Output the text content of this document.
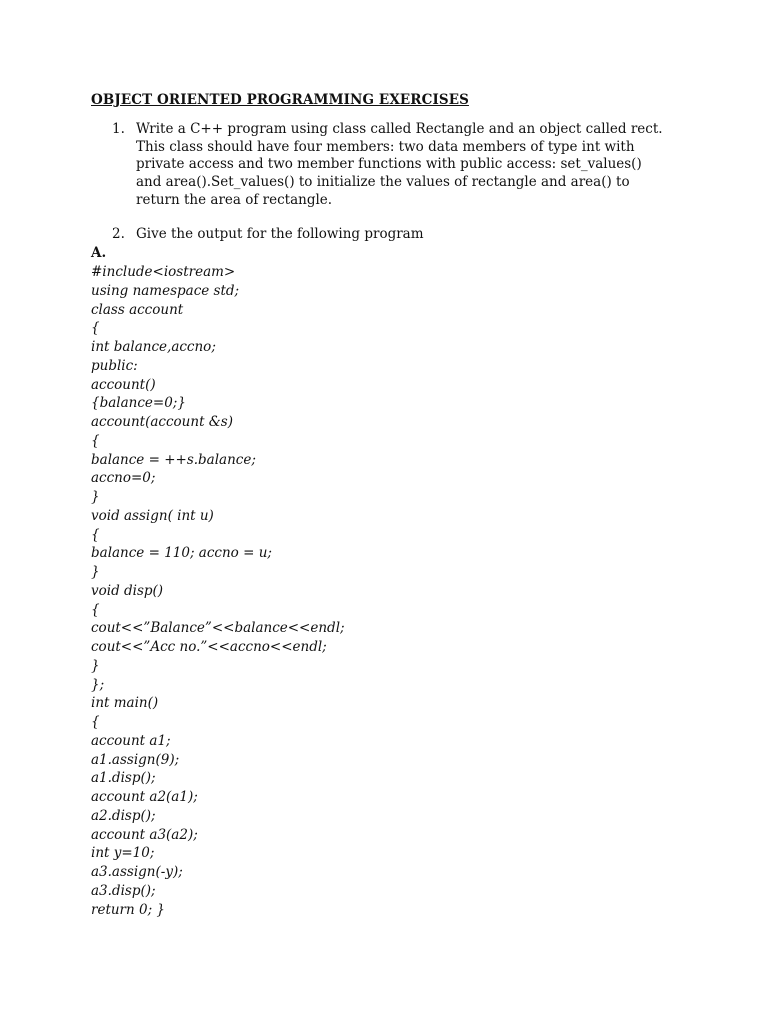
OBJECT ORIENTED PROGRAMMING EXERCISES
1. Write a C++ program using class called Rectangle and an object called rect.
This class should have four members: two data members of type int with
private access and two member functions with public access: set_values()
and area().Set_values() to initialize the values of rectangle and area() to
return the area of rectangle.
2. Give the output for the following program
A.
#include<iostream>
using namespace std;
class account
{
int balance,accno;
public:
account()
{balance=0;}
account(account &s)
{
balance = ++s.balance;
accno=0;
}
void assign( int u)
{
balance = 110; accno = u;
}
void disp()
{
cout<<”Balance”<<balance<<endl;
cout<<”Acc no.”<<accno<<endl;
}
};
int main()
{
account a1;
a1.assign(9);
a1.disp();
account a2(a1);
a2.disp();
account a3(a2);
int y=10;
a3.assign(-y);
a3.disp();
return 0; }
